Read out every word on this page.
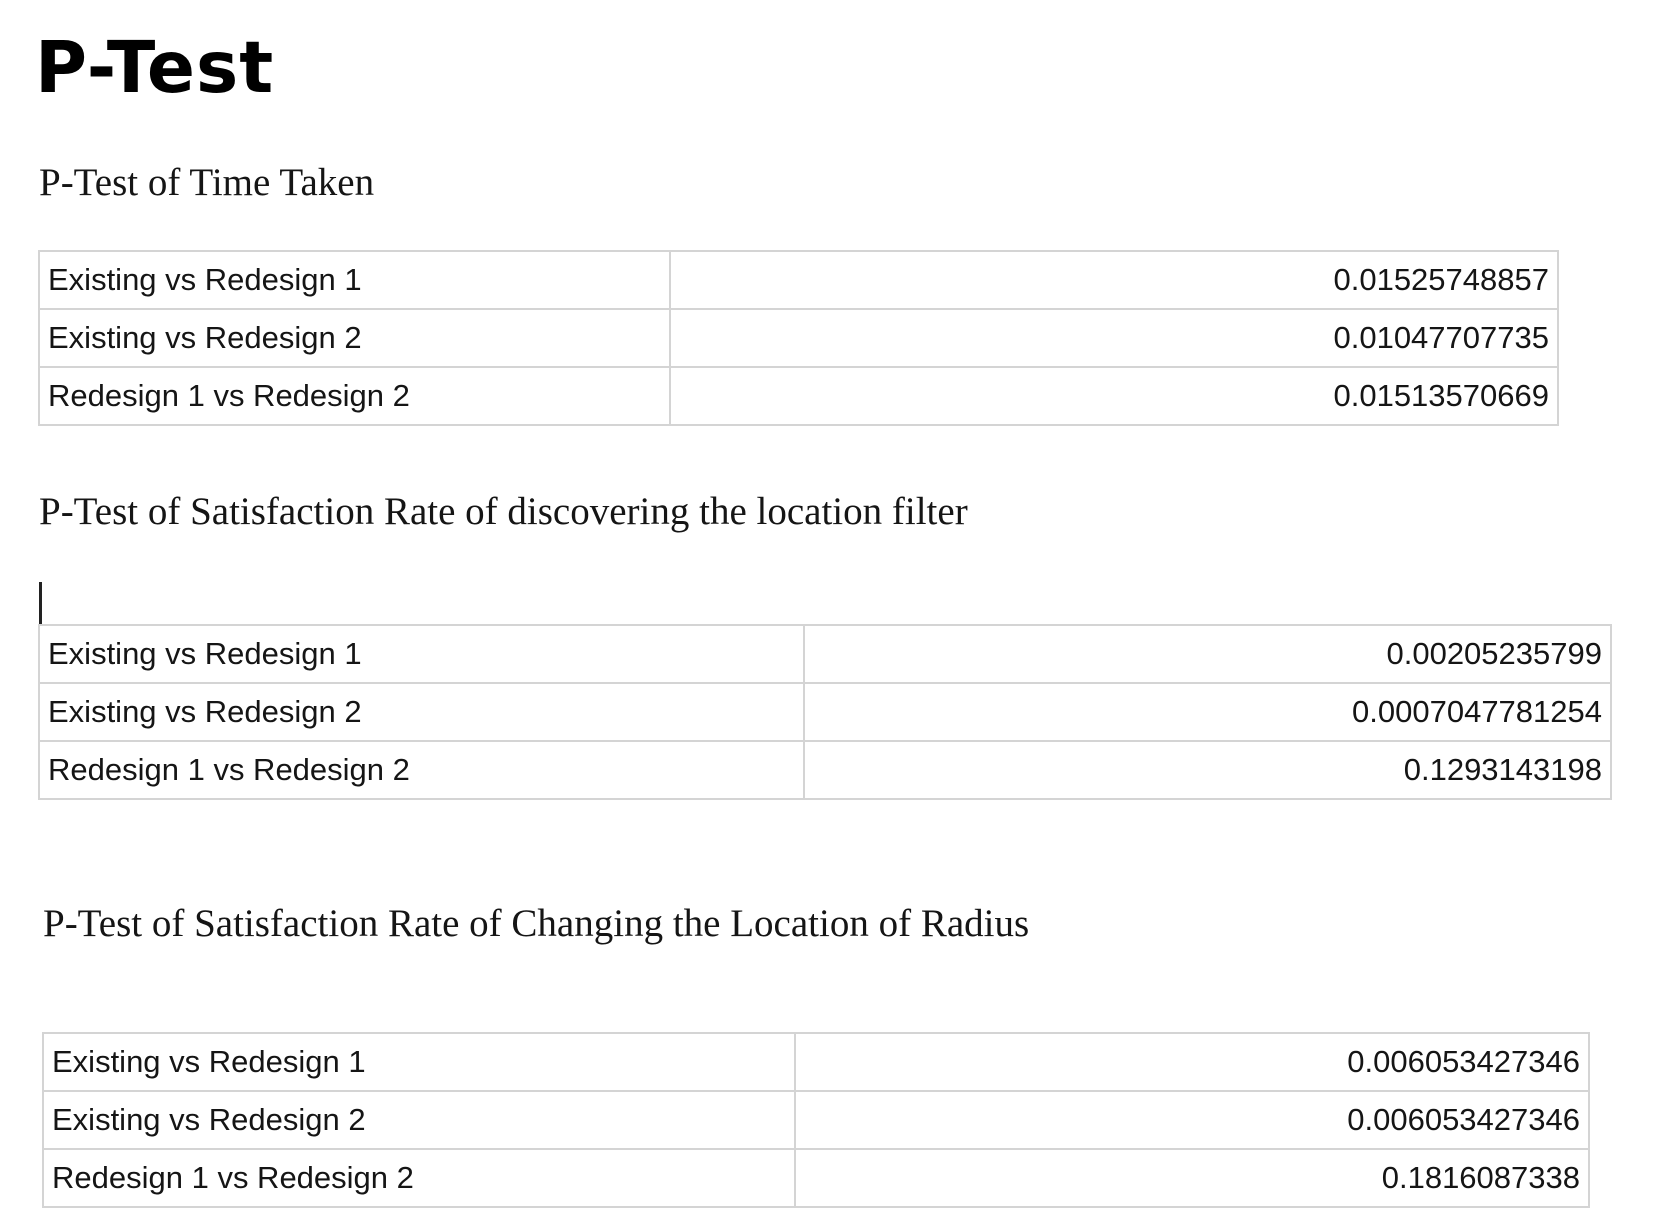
P-Test
P-Test of Time Taken
Existing vs Redesign 1	0.01525748857
Existing vs Redesign 2	0.01047707735
Redesign 1 vs Redesign 2	0.01513570669
P-Test of Satisfaction Rate of discovering the location filter
Existing vs Redesign 1	0.00205235799
Existing vs Redesign 2	0.0007047781254
Redesign 1 vs Redesign 2	0.1293143198
P-Test of Satisfaction Rate of Changing the Location of Radius
Existing vs Redesign 1	0.006053427346
Existing vs Redesign 2	0.006053427346
Redesign 1 vs Redesign 2	0.1816087338
